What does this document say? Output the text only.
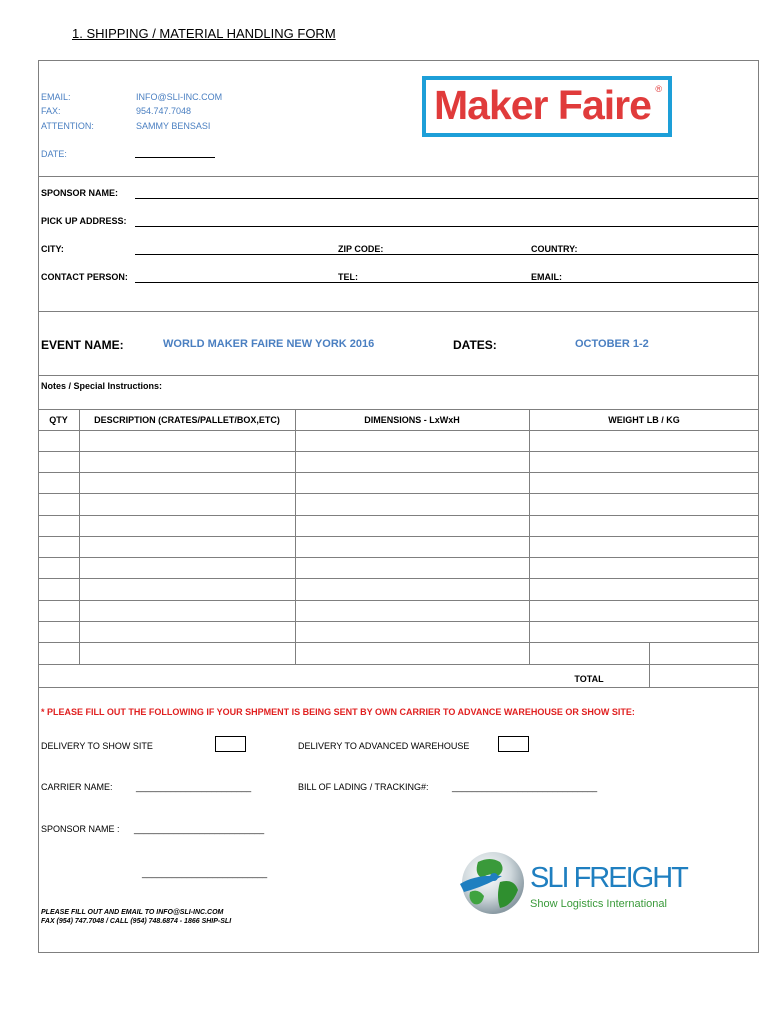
1. SHIPPING / MATERIAL HANDLING FORM
EMAIL:	INFO@SLI-INC.COM
FAX:	954.747.7048
ATTENTION:	SAMMY BENSASI
DATE:
Maker Faire ®
SPONSOR NAME:
PICK UP ADDRESS:
CITY:	ZIP CODE:	COUNTRY:
CONTACT PERSON:	TEL:	EMAIL:
EVENT NAME:	WORLD MAKER FAIRE NEW YORK 2016	DATES:	OCTOBER 1-2
Notes / Special Instructions:
QTY	DESCRIPTION (CRATES/PALLET/BOX,ETC)	DIMENSIONS - LxWxH	WEIGHT LB / KG
TOTAL
* PLEASE FILL OUT THE FOLLOWING IF YOUR SHPMENT IS BEING SENT BY OWN CARRIER TO ADVANCE WAREHOUSE OR SHOW SITE:
DELIVERY TO SHOW SITE	DELIVERY TO ADVANCED WAREHOUSE
CARRIER NAME:	_______________________	BILL OF LADING / TRACKING#:	_____________________________
SPONSOR NAME : __________________________
_________________________
PLEASE FILL OUT AND EMAIL TO INFO@SLI-INC.COM
FAX (954) 747.7048 / CALL (954) 748.6874 - 1866 SHIP-SLI
SLI FREIGHT
Show Logistics International
